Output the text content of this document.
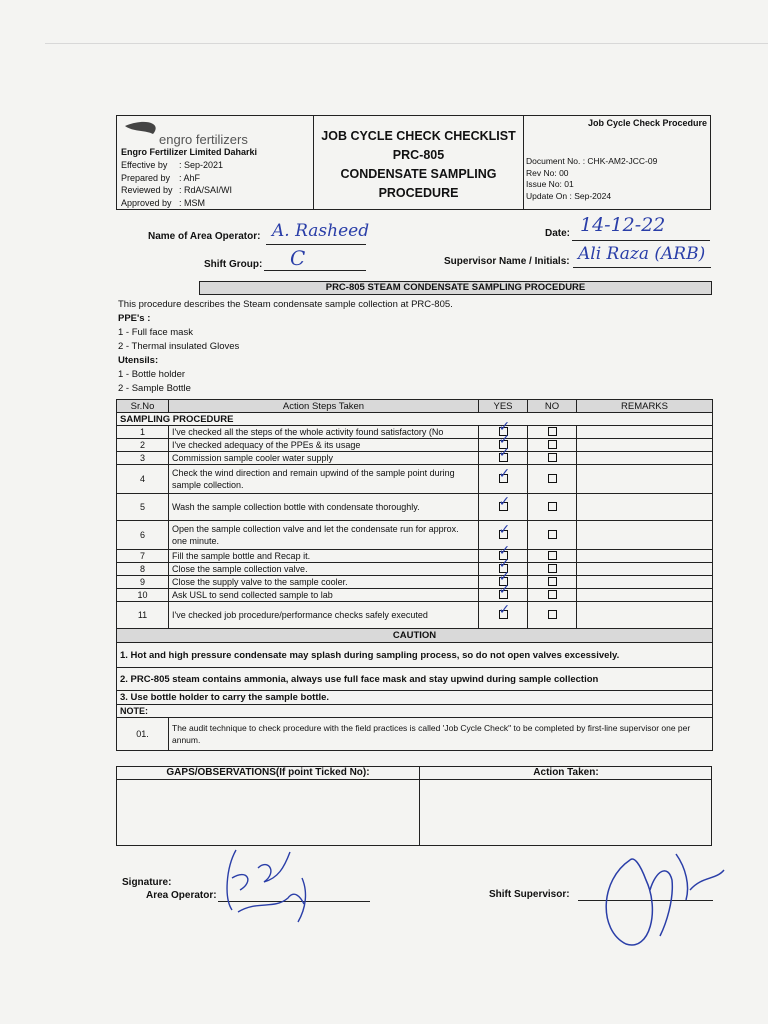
engro fertilizers
Engro Fertilizer Limited Daharki
Effective by : Sep-2021
Prepared by : AhF
Reviewed by : RdA/SAI/WI
Approved by : MSM
JOB CYCLE CHECK CHECKLIST
PRC-805
CONDENSATE SAMPLING
PROCEDURE
Job Cycle Check Procedure
Document No. : CHK-AM2-JCC-09
Rev No: 00
Issue No: 01
Update On : Sep-2024
Name of Area Operator: A. Rasheed	Date: 14-12-22
Shift Group: C	Supervisor Name / Initials: Ali Raza (ARB)
PRC-805 STEAM CONDENSATE SAMPLING PROCEDURE
This procedure describes the Steam condensate sample collection at PRC-805.
PPE's :
1 - Full face mask
2 - Thermal insulated Gloves
Utensils:
1 - Bottle holder
2 - Sample Bottle
Sr.No	Action Steps Taken	YES	NO	REMARKS
SAMPLING PROCEDURE				
1	I've checked all the steps of the whole activity found satisfactory (No	✓		

2	I've checked adequacy of the PPEs & its usage	✓		

3	Commission sample cooler water supply	✓		

4	Check the wind direction and remain upwind of the sample point during sample collection.	✓		

5	Wash the sample collection bottle with condensate thoroughly.	✓		

6	Open the sample collection valve and let the condensate run for approx. one minute.	✓		

7	Fill the sample bottle and Recap it.	✓		

8	Close the sample collection valve.	✓		

9	Close the supply valve to the sample cooler.	✓		

10	Ask USL to send collected sample to lab	✓		

11	I've checked job procedure/performance checks safely executed	✓		

CAUTION				
1. Hot and high pressure condensate may splash during sampling process, so do not open valves excessively.				
2. PRC-805 steam contains ammonia, always use full face mask and stay upwind during sample collection				
3. Use bottle holder to carry the sample bottle.				
NOTE:				
01.	The audit technique to check procedure with the field practices is called 'Job Cycle Check" to be completed by first-line supervisor one per annum.			
GAPS/OBSERVATIONS(If point Ticked No):	Action Taken:
Signature:
Area Operator:	Shift Supervisor:
